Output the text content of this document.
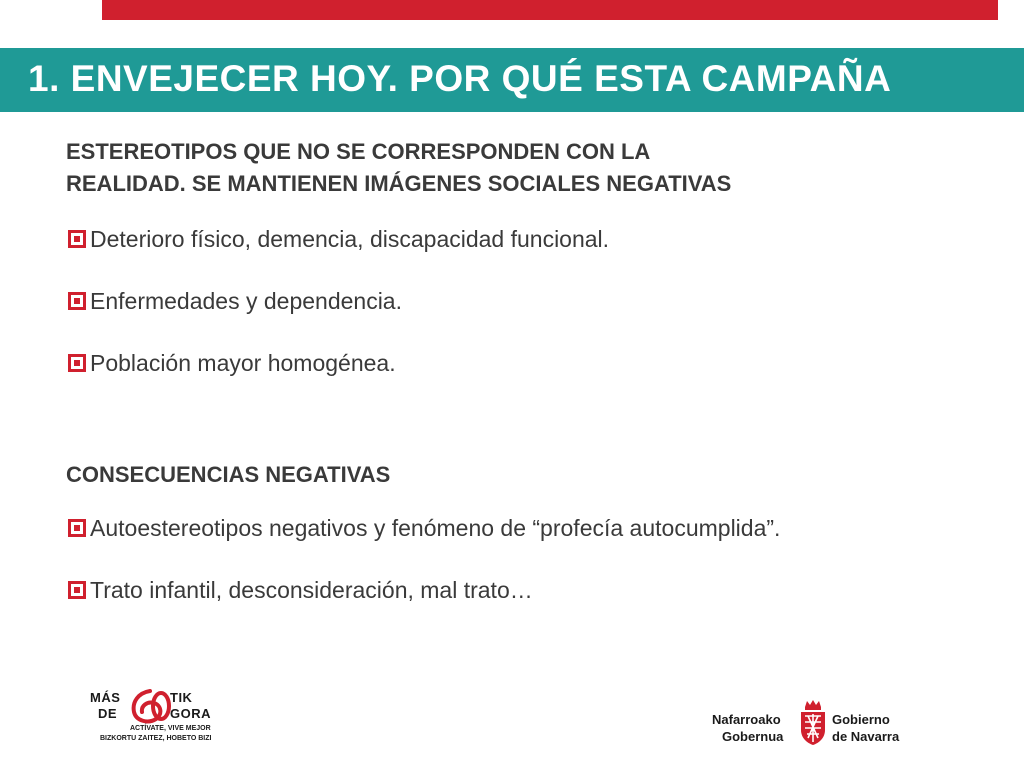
1. ENVEJECER HOY. POR QUÉ ESTA CAMPAÑA
ESTEREOTIPOS QUE NO SE CORRESPONDEN CON LA
REALIDAD. SE MANTIENEN IMÁGENES SOCIALES NEGATIVAS
Deterioro físico, demencia, discapacidad funcional.
Enfermedades y dependencia.
Población mayor homogénea.
CONSECUENCIAS NEGATIVAS
Autoestereotipos negativos y fenómeno de “profecía autocumplida”.
Trato infantil, desconsideración, mal trato…
MÁS
DE
TIK
GORA
ACTÍVATE, VIVE MEJOR
BIZKORTU ZAITEZ, HOBETO BIZI
Nafarroako
Gobernua
Gobierno
de Navarra
